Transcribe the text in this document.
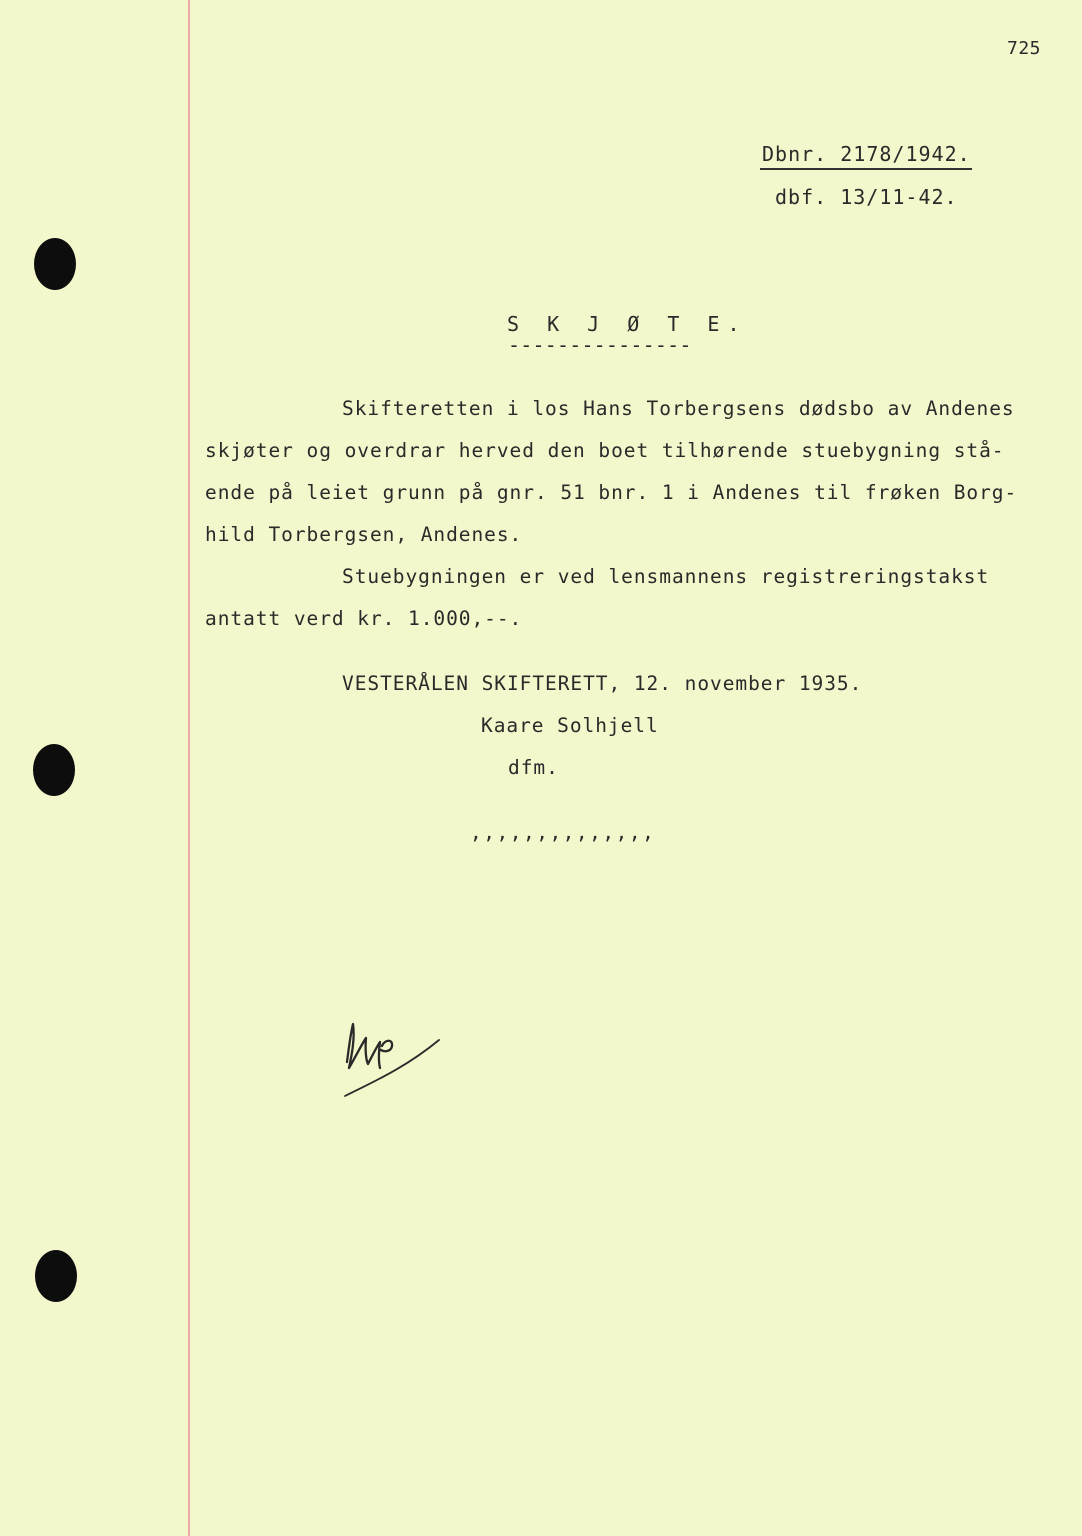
725
Dbnr. 2178/1942.
dbf. 13/11-42.
S K J Ø T E.
---------------
Skifteretten i los Hans Torbergsens dødsbo av Andenes
skjøter og overdrar herved den boet tilhørende stuebygning stå-
ende på leiet grunn på gnr. 51 bnr. 1 i Andenes til frøken Borg-
hild Torbergsen, Andenes.
Stuebygningen er ved lensmannens registreringstakst
antatt verd kr. 1.000,--.
VESTERÅLEN SKIFTERETT, 12. november 1935.
Kaare Solhjell
dfm.
,,,,,,,,,,,,,,
